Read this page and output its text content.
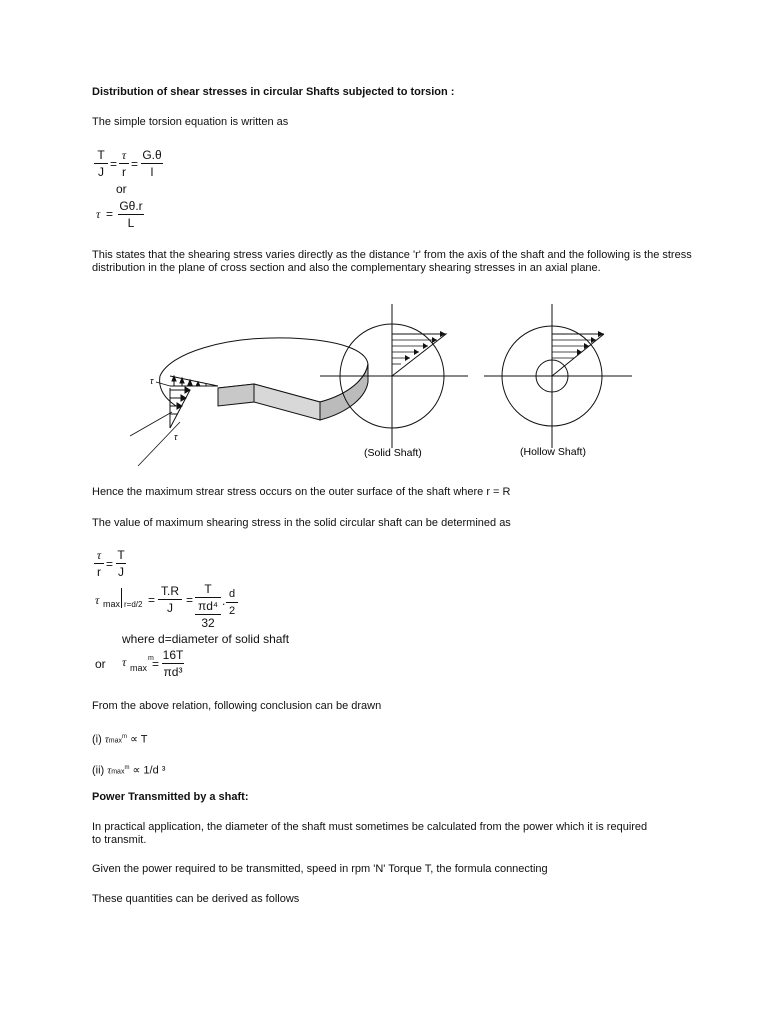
Distribution of shear stresses in circular Shafts subjected to torsion :
The simple torsion equation is written as
T
J
=
τ
r
=
G.θ
l
or
τ =
Gθ.r
L
This states that the shearing stress varies directly as the distance 'r' from the axis of the shaft and the following is the stress distribution in the plane of cross section and also the complementary shearing stresses in an axial plane.
τ
τ
(Solid Shaft)	(Hollow Shaft)
Hence the maximum strear stress occurs on the outer surface of the shaft where r = R
The value of maximum shearing stress in the solid circular shaft can be determined as
τ
r
=
T
J
τ max r=d/2 =
T.R
J
=
T
πd⁴
32
. d
2
where d=diameter of solid shaft
or τ max
m
=
16T
πd³
From the above relation, following conclusion can be drawn
(i) τmax$^m$ ∝ T
(ii) τmax$^m$ ∝ 1/d ³
Power Transmitted by a shaft:
In practical application, the diameter of the shaft must sometimes be calculated from the power which it is required to transmit.
Given the power required to be transmitted, speed in rpm 'N' Torque T, the formula connecting
These quantities can be derived as follows
